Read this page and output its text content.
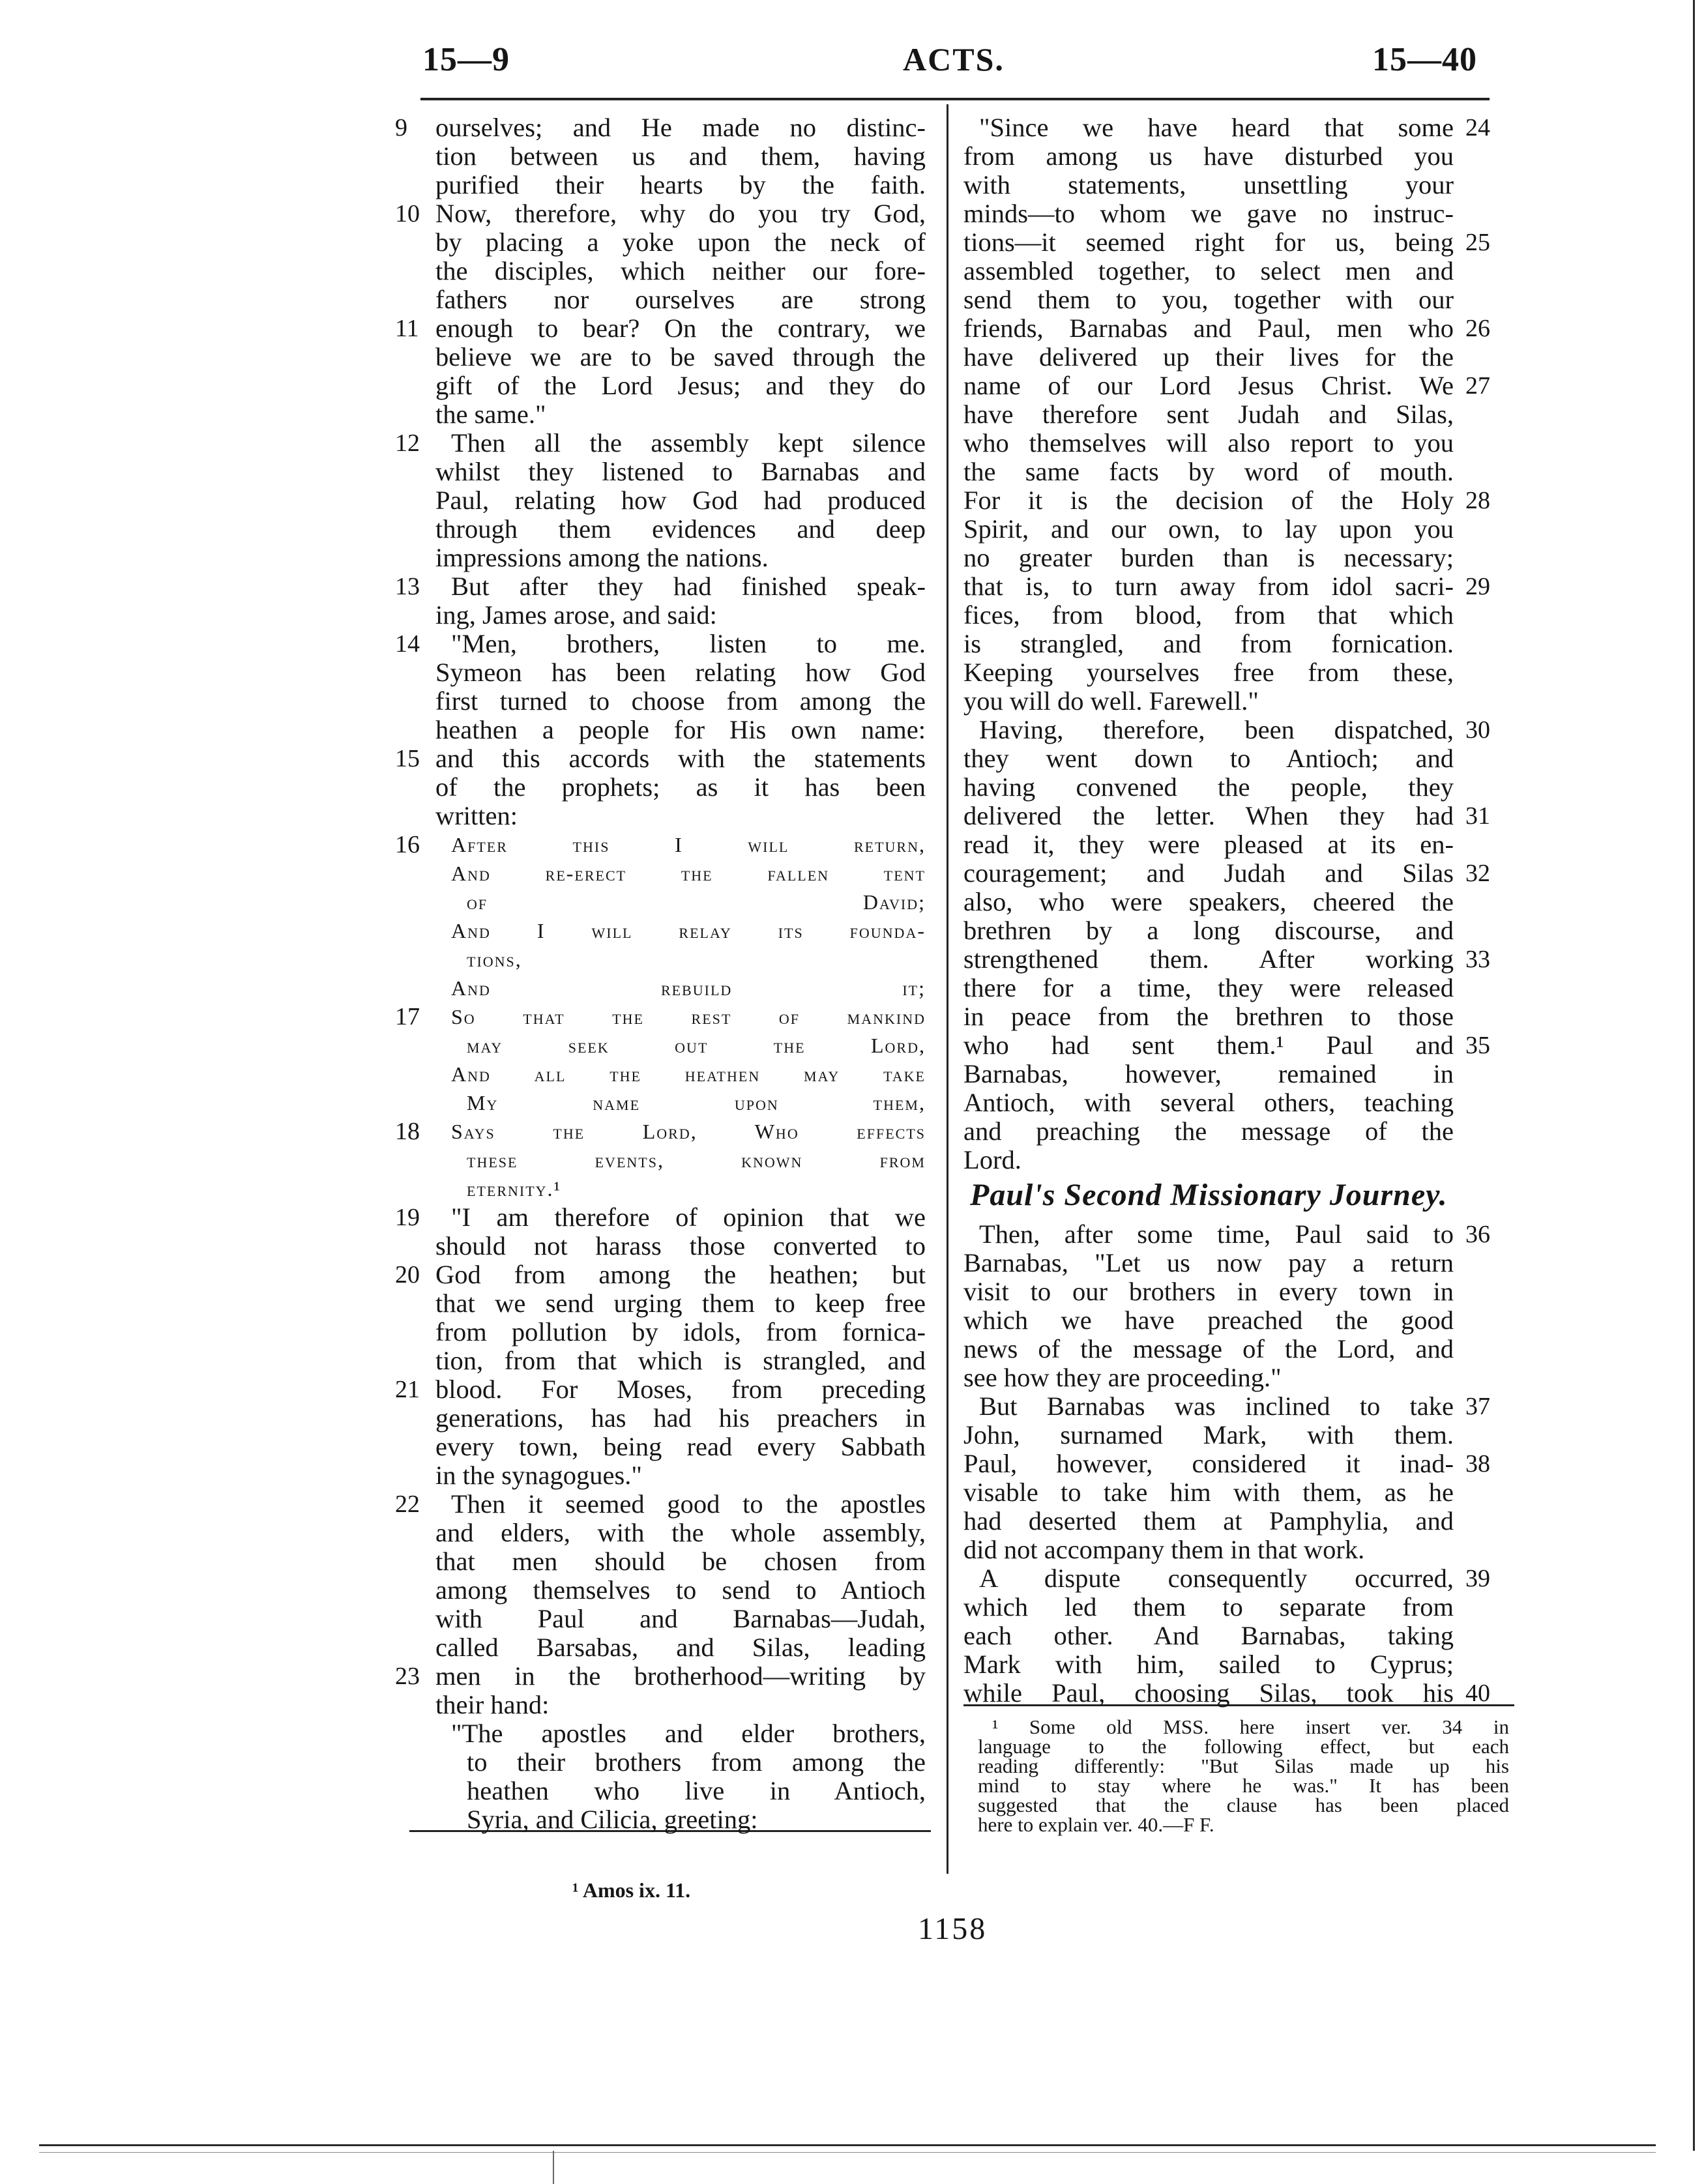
15—9	ACTS.	15—40
ourselves; and He made no distinc-
9
tion between us and them, having
purified their hearts by the faith.
Now, therefore, why do you try God,
10
by placing a yoke upon the neck of
the disciples, which neither our fore-
fathers nor ourselves are strong
enough to bear? On the contrary, we
11
believe we are to be saved through the
gift of the Lord Jesus; and they do
the same."
Then all the assembly kept silence
12
whilst they listened to Barnabas and
Paul, relating how God had produced
through them evidences and deep
impressions among the nations.
But after they had finished speak-
13
ing, James arose, and said:
"Men, brothers, listen to me.
14
Symeon has been relating how God
first turned to choose from among the
heathen a people for His own name:
and this accords with the statements
15
of the prophets; as it has been
written:
After this I will return,
16
And re-erect the fallen tent
of David;
And I will relay its founda-
tions,
And rebuild it;
So that the rest of mankind
17
may seek out the Lord,
And all the heathen may take
My name upon them,
Says the Lord, Who effects
18
these events, known from
eternity.¹
"I am therefore of opinion that we
19
should not harass those converted to
God from among the heathen; but
20
that we send urging them to keep free
from pollution by idols, from fornica-
tion, from that which is strangled, and
blood. For Moses, from preceding
21
generations, has had his preachers in
every town, being read every Sabbath
in the synagogues."
Then it seemed good to the apostles
22
and elders, with the whole assembly,
that men should be chosen from
among themselves to send to Antioch
with Paul and Barnabas—Judah,
called Barsabas, and Silas, leading
men in the brotherhood—writing by
23
their hand:
"The apostles and elder brothers,
to their brothers from among the
heathen who live in Antioch,
Syria, and Cilicia, greeting:
"Since we have heard that some 24
from among us have disturbed you
with statements, unsettling your
minds—to whom we gave no instruc-
tions—it seemed right for us, being 25
assembled together, to select men and
send them to you, together with our
friends, Barnabas and Paul, men who 26
have delivered up their lives for the
name of our Lord Jesus Christ. We 27
have therefore sent Judah and Silas,
who themselves will also report to you
the same facts by word of mouth.
For it is the decision of the Holy 28
Spirit, and our own, to lay upon you
no greater burden than is necessary;
that is, to turn away from idol sacri- 29
fices, from blood, from that which
is strangled, and from fornication.
Keeping yourselves free from these,
you will do well. Farewell."
Having, therefore, been dispatched, 30
they went down to Antioch; and
having convened the people, they
delivered the letter. When they had 31
read it, they were pleased at its en-
couragement; and Judah and Silas 32
also, who were speakers, cheered the
brethren by a long discourse, and
strengthened them. After working 33
there for a time, they were released
in peace from the brethren to those
who had sent them.¹ Paul and 35
Barnabas, however, remained in
Antioch, with several others, teaching
and preaching the message of the
Lord.
Paul's Second Missionary Journey.
Then, after some time, Paul said to 36
Barnabas, "Let us now pay a return
visit to our brothers in every town in
which we have preached the good
news of the message of the Lord, and
see how they are proceeding."
But Barnabas was inclined to take 37
John, surnamed Mark, with them.
Paul, however, considered it inad- 38
visable to take him with them, as he
had deserted them at Pamphylia, and
did not accompany them in that work.
A dispute consequently occurred, 39
which led them to separate from
each other. And Barnabas, taking
Mark with him, sailed to Cyprus;
while Paul, choosing Silas, took his 40
¹ Some old MSS. here insert ver. 34 in
language to the following effect, but each
reading differently: "But Silas made up his
mind to stay where he was." It has been
suggested that the clause has been placed
here to explain ver. 40.—F F.
¹ Amos ix. 11.
1158
